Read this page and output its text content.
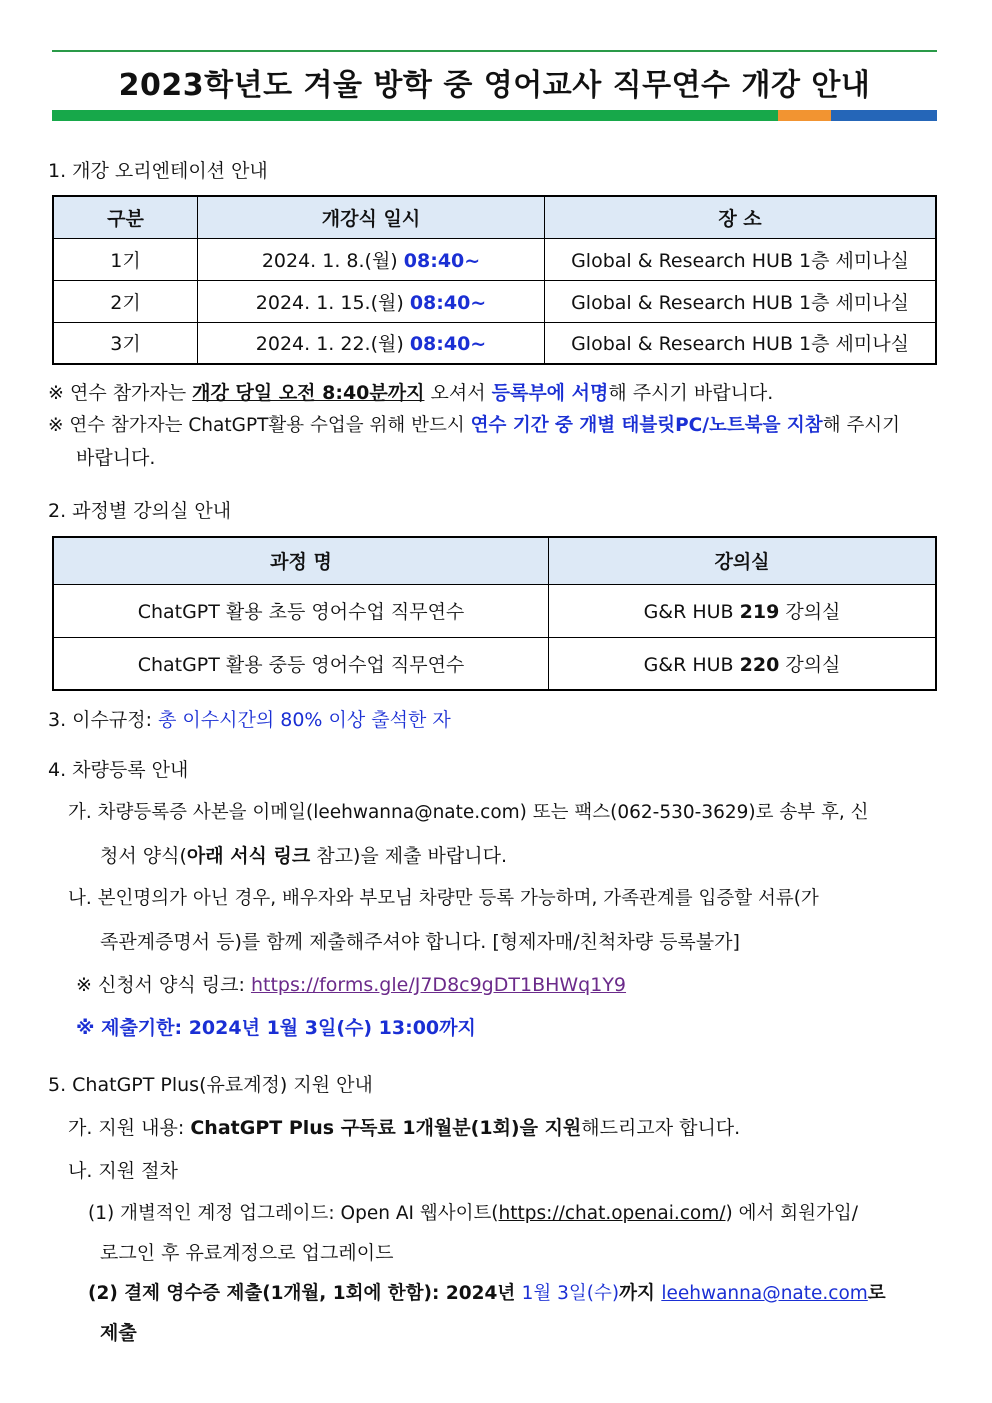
2023학년도 겨울 방학 중 영어교사 직무연수 개강 안내
1. 개강 오리엔테이션 안내
구분	개강식 일시	장 소
1기	2024. 1. 8.(월) 08:40~	Global & Research HUB 1층 세미나실
2기	2024. 1. 15.(월) 08:40~	Global & Research HUB 1층 세미나실
3기	2024. 1. 22.(월) 08:40~	Global & Research HUB 1층 세미나실
※ 연수 참가자는 개강 당일 오전 8:40분까지 오셔서 등록부에 서명해 주시기 바랍니다.
※ 연수 참가자는 ChatGPT활용 수업을 위해 반드시 연수 기간 중 개별 태블릿PC/노트북을 지참해 주시기
바랍니다.
2. 과정별 강의실 안내
과정 명	강의실
ChatGPT 활용 초등 영어수업 직무연수	G&R HUB 219 강의실
ChatGPT 활용 중등 영어수업 직무연수	G&R HUB 220 강의실
3. 이수규정: 총 이수시간의 80% 이상 출석한 자
4. 차량등록 안내
가. 차량등록증 사본을 이메일(leehwanna@nate.com) 또는 팩스(062-530-3629)로 송부 후, 신
청서 양식(아래 서식 링크 참고)을 제출 바랍니다.
나. 본인명의가 아닌 경우, 배우자와 부모님 차량만 등록 가능하며, 가족관계를 입증할 서류(가
족관계증명서 등)를 함께 제출해주셔야 합니다. [형제자매/친척차량 등록불가]
※ 신청서 양식 링크: https://forms.gle/J7D8c9gDT1BHWq1Y9
※ 제출기한: 2024년 1월 3일(수) 13:00까지
5. ChatGPT Plus(유료계정) 지원 안내
가. 지원 내용: ChatGPT Plus 구독료 1개월분(1회)을 지원해드리고자 합니다.
나. 지원 절차
(1) 개별적인 계정 업그레이드: Open AI 웹사이트(https://chat.openai.com/) 에서 회원가입/
로그인 후 유료계정으로 업그레이드
(2) 결제 영수증 제출(1개월, 1회에 한함): 2024년 1월 3일(수)까지 leehwanna@nate.com로
제출
